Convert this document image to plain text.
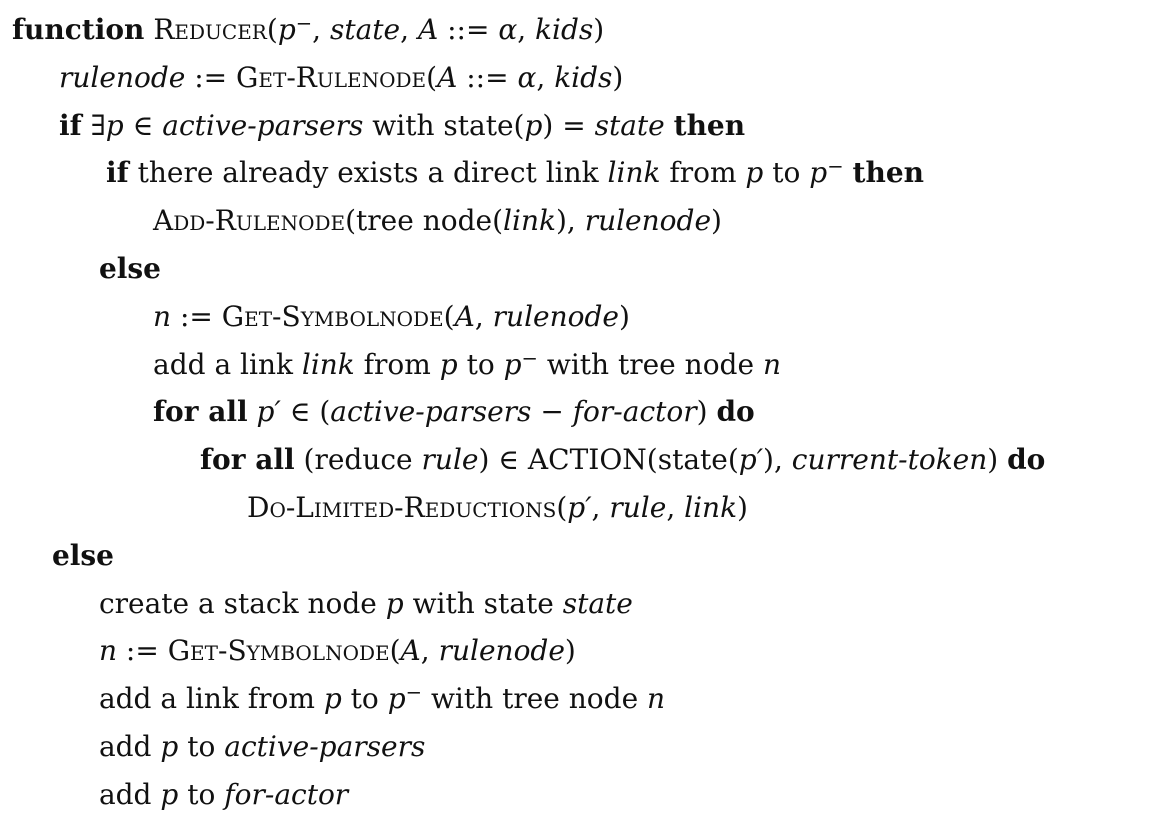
function Reducer(p−, state, A ::= α, kids)
rulenode := Get-Rulenode(A ::= α, kids)
if ∃p ∈ active-parsers with state(p) = state then
if there already exists a direct link link from p to p− then
Add-Rulenode(tree node(link), rulenode)
else
n := Get-Symbolnode(A, rulenode)
add a link link from p to p− with tree node n
for all p′ ∈ (active-parsers − for-actor) do
for all (reduce rule) ∈ ACTION(state(p′), current-token) do
Do-Limited-Reductions(p′, rule, link)
else
create a stack node p with state state
n := Get-Symbolnode(A, rulenode)
add a link from p to p− with tree node n
add p to active-parsers
add p to for-actor
